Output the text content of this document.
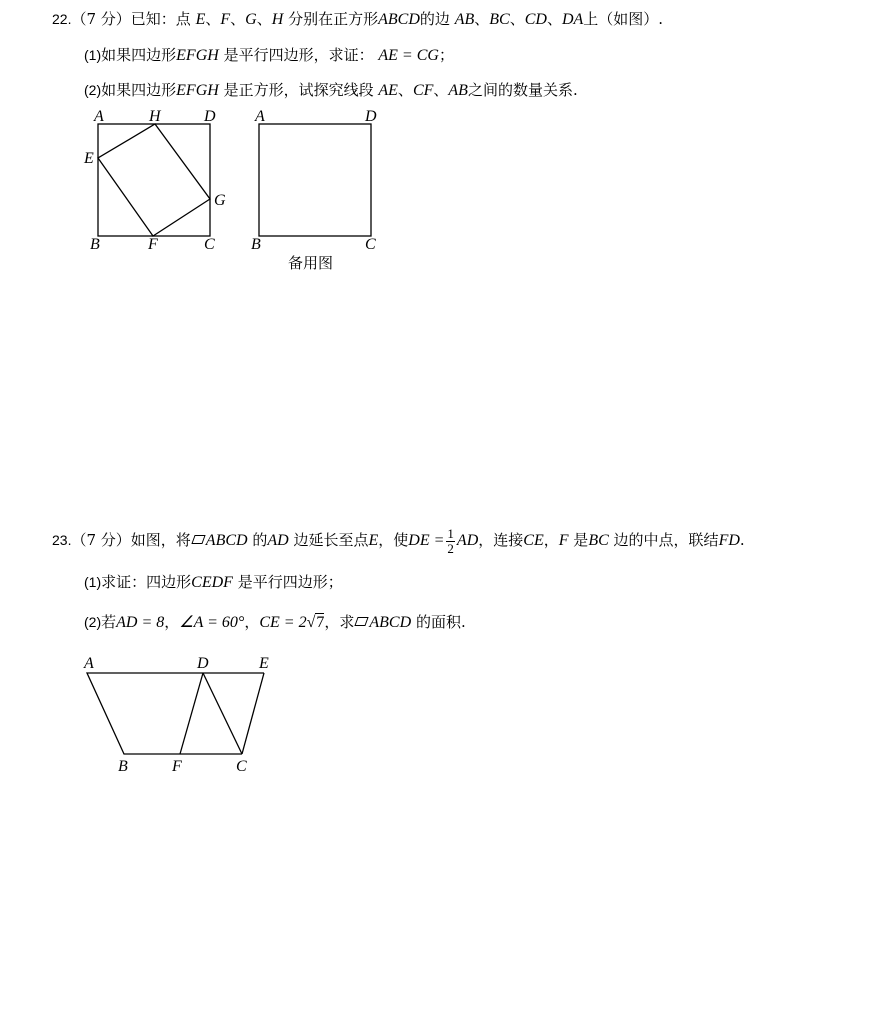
22.（7 分）已知：点 E、F、G、H 分别在正方形ABCD的边 AB、BC、CD、DA上（如图）.
(1)如果四边形EFGH 是平行四边形，求证： AE = CG；
(2)如果四边形EFGH 是正方形，试探究线段 AE、CF、AB之间的数量关系.
A	H	D
E
G
B	F	C
A	D
B	C
备用图
A	D	E
B	F	C
23.（7 分）如图，将 ABCD 的AD 边延长至点E，使DE = $\frac{1}{2}$ AD，连接CE，F 是BC 边的中点，联结FD.
(1)求证：四边形CEDF 是平行四边形；
(2)若AD = 8，∠A = 60°，CE = 2√7，求 ABCD 的面积.
